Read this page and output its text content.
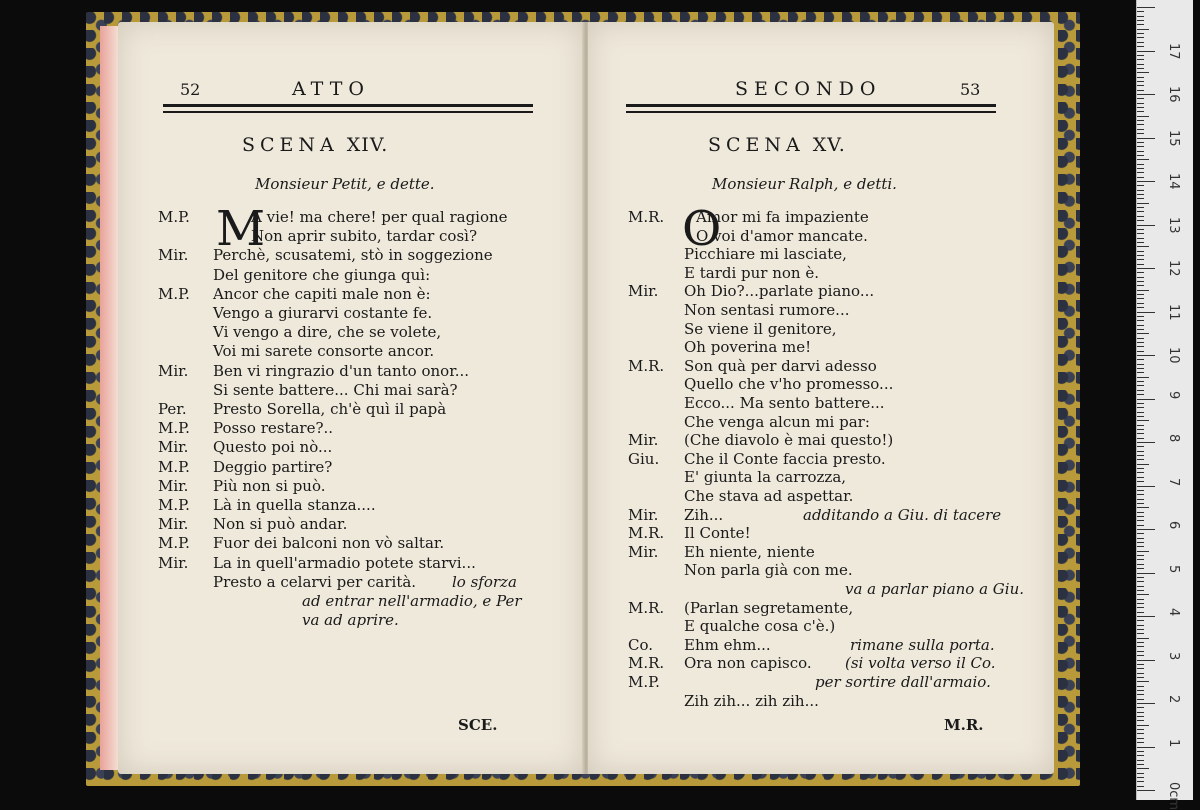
52	ATTO
SCENA XIV.
Monsieur Petit, e dette.
M
M.P.	A vie! ma chere! per qual ragione
Non aprir subito, tardar così?
Mir. Perchè, scusatemi, stò in soggezione
Del genitore che giunga quì:
M.P. Ancor che capiti male non è:
Vengo a giurarvi costante fe.
Vi vengo a dire, che se volete,
Voi mi sarete consorte ancor.
Mir. Ben vi ringrazio d'un tanto onor...
Si sente battere... Chi mai sarà?
Per. Presto Sorella, ch'è quì il papà
M.P. Posso restare?..
Mir. Questo poi nò...
M.P. Deggio partire?
Mir. Più non si può.
M.P. Là in quella stanza....
Mir. Non si può andar.
M.P. Fuor dei balconi non vò saltar.
Mir. La in quell'armadio potete starvi...
Presto a celarvi per carità. lo sforza
ad entrar nell'armadio, e Per
va ad aprire.
SCE.
SECONDO	53
SCENA XV.
Monsieur Ralph, e detti.
O
M.R. Amor mi fa impaziente
O voi d'amor mancate.
Picchiare mi lasciate,
E tardi pur non è.
Mir. Oh Dio?...parlate piano...
Non sentasi rumore...
Se viene il genitore,
Oh poverina me!
M.R. Son quà per darvi adesso
Quello che v'ho promesso...
Ecco... Ma sento battere...
Che venga alcun mi par:
Mir. (Che diavolo è mai questo!)
Giu. Che il Conte faccia presto.
E' giunta la carrozza,
Che stava ad aspettar.
Mir. Zih...	additando a Giu. di tacere
M.R. Il Conte!
Mir. Eh niente, niente
Non parla già con me.
va a parlar piano a Giu.
M.R. (Parlan segretamente,
E qualche cosa c'è.)
Co. Ehm ehm...	rimane sulla porta.
M.R. Ora non capisco. (si volta verso il Co.
M.P.	per sortire dall'armaio.
Zih zih... zih zih...
M.R.
0cm
1
2
3
4
5
6
7
8
9
10
11
12
13
14
15
16
17
